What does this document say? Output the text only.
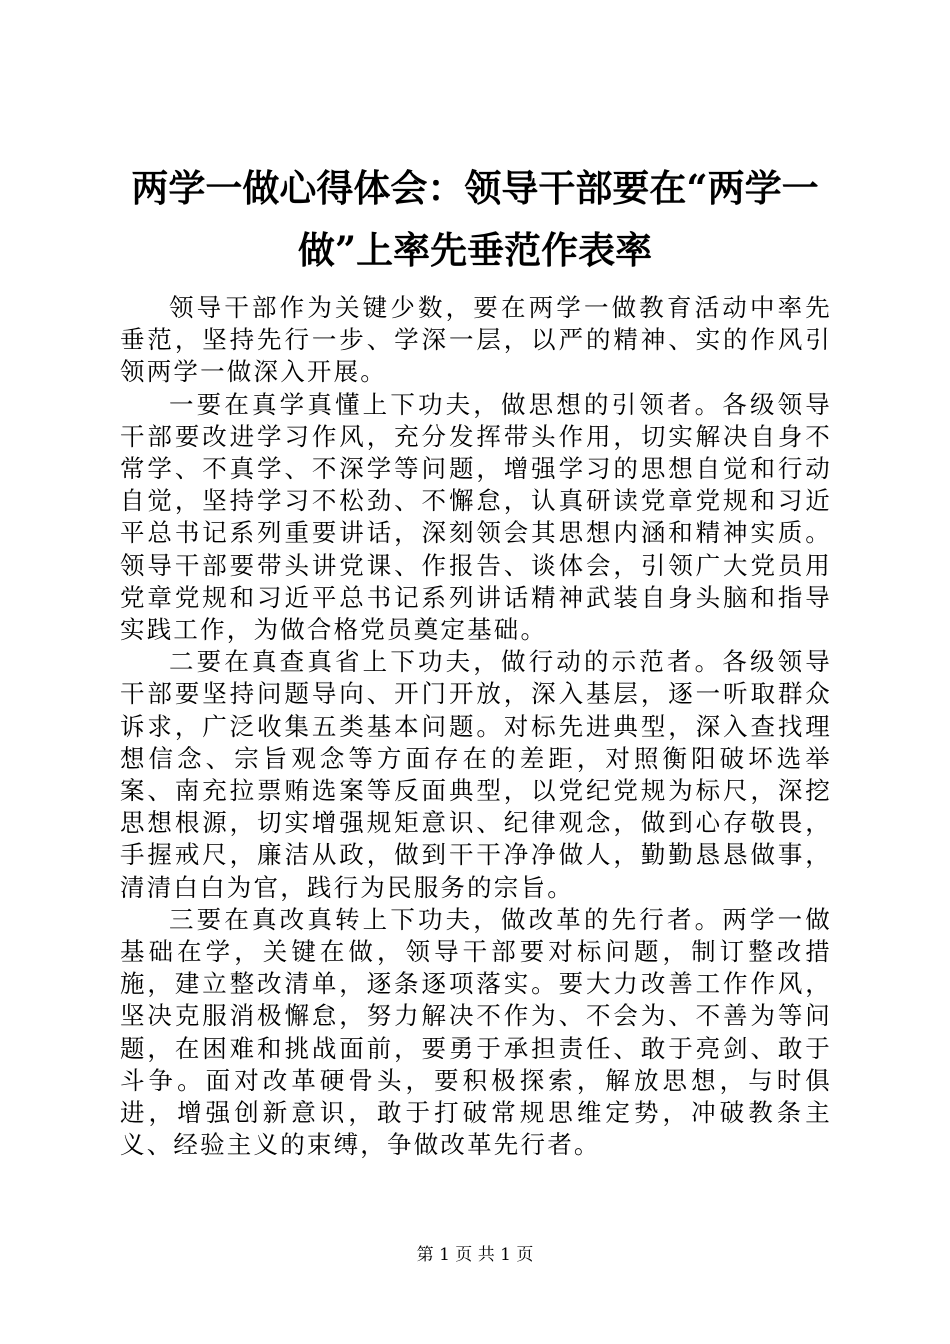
两学一做心得体会：领导干部要在“两学一做”上率先垂范作表率

领导干部作为关键少数，要在两学一做教育活动中率先垂范，坚持先行一步、学深一层，以严的精神、实的作风引领两学一做深入开展。

一要在真学真懂上下功夫，做思想的引领者。各级领导干部要改进学习作风，充分发挥带头作用，切实解决自身不常学、不真学、不深学等问题，增强学习的思想自觉和行动自觉，坚持学习不松劲、不懈怠，认真研读党章党规和习近平总书记系列重要讲话，深刻领会其思想内涵和精神实质。领导干部要带头讲党课、作报告、谈体会，引领广大党员用党章党规和习近平总书记系列讲话精神武装自身头脑和指导实践工作，为做合格党员奠定基础。

二要在真查真省上下功夫，做行动的示范者。各级领导干部要坚持问题导向、开门开放，深入基层，逐一听取群众诉求，广泛收集五类基本问题。对标先进典型，深入查找理想信念、宗旨观念等方面存在的差距，对照衡阳破坏选举案、南充拉票贿选案等反面典型，以党纪党规为标尺，深挖思想根源，切实增强规矩意识、纪律观念，做到心存敬畏，手握戒尺，廉洁从政，做到干干净净做人，勤勤恳恳做事，清清白白为官，践行为民服务的宗旨。

三要在真改真转上下功夫，做改革的先行者。两学一做基础在学，关键在做，领导干部要对标问题，制订整改措施，建立整改清单，逐条逐项落实。要大力改善工作作风，坚决克服消极懈怠，努力解决不作为、不会为、不善为等问题，在困难和挑战面前，要勇于承担责任、敢于亮剑、敢于斗争。面对改革硬骨头，要积极探索，解放思想，与时俱进，增强创新意识，敢于打破常规思维定势，冲破教条主义、经验主义的束缚，争做改革先行者。

第 1 页 共 1 页
